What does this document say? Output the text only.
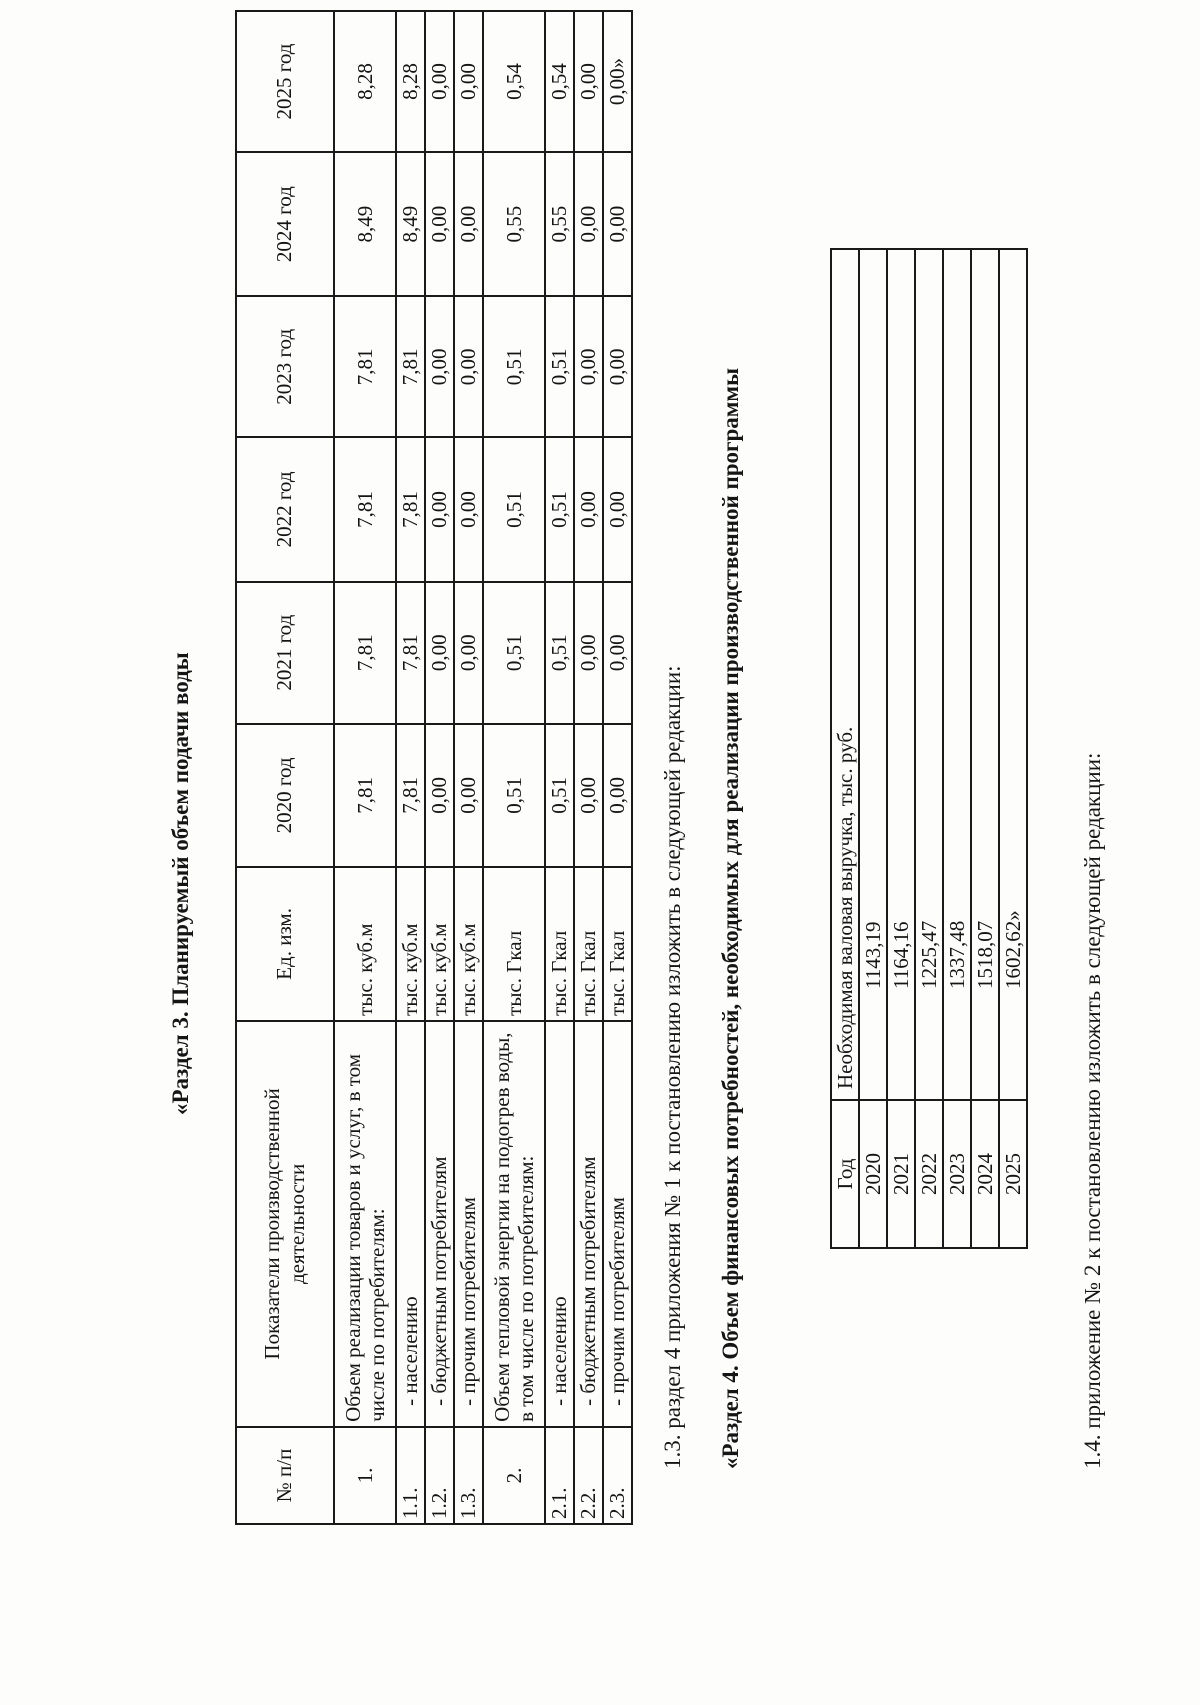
«Раздел 3. Планируемый объем подачи воды
№ п/п	Показатели производственной деятельности	Ед. изм.	2020 год	2021 год	2022 год	2023 год	2024 год	2025 год
1.	Объем реализации товаров и услуг, в том числе по потребителям:	тыс. куб.м	7,81	7,81	7,81	7,81	8,49	8,28
1.1.	- населению	тыс. куб.м	7,81	7,81	7,81	7,81	8,49	8,28
1.2.	- бюджетным потребителям	тыс. куб.м	0,00	0,00	0,00	0,00	0,00	0,00
1.3.	- прочим потребителям	тыс. куб.м	0,00	0,00	0,00	0,00	0,00	0,00
2.	Объем тепловой энергии на подогрев воды, в том числе по потребителям:	тыс. Гкал	0,51	0,51	0,51	0,51	0,55	0,54
2.1.	- населению	тыс. Гкал	0,51	0,51	0,51	0,51	0,55	0,54
2.2.	- бюджетным потребителям	тыс. Гкал	0,00	0,00	0,00	0,00	0,00	0,00
2.3.	- прочим потребителям	тыс. Гкал	0,00	0,00	0,00	0,00	0,00	0,00»

1.3. раздел 4 приложения № 1 к постановлению изложить в следующей редакции: «Раздел 4. Объем финансовых потребностей, необходимых для реализации производственной программы	Год	Необходимая валовая выручка, тыс. руб.
2020	1143,19
2021	1164,16
2022	1225,47
2023	1337,48
2024	1518,07
2025	1602,62» 1.4. приложение № 2 к постановлению изложить в следующей редакции:
